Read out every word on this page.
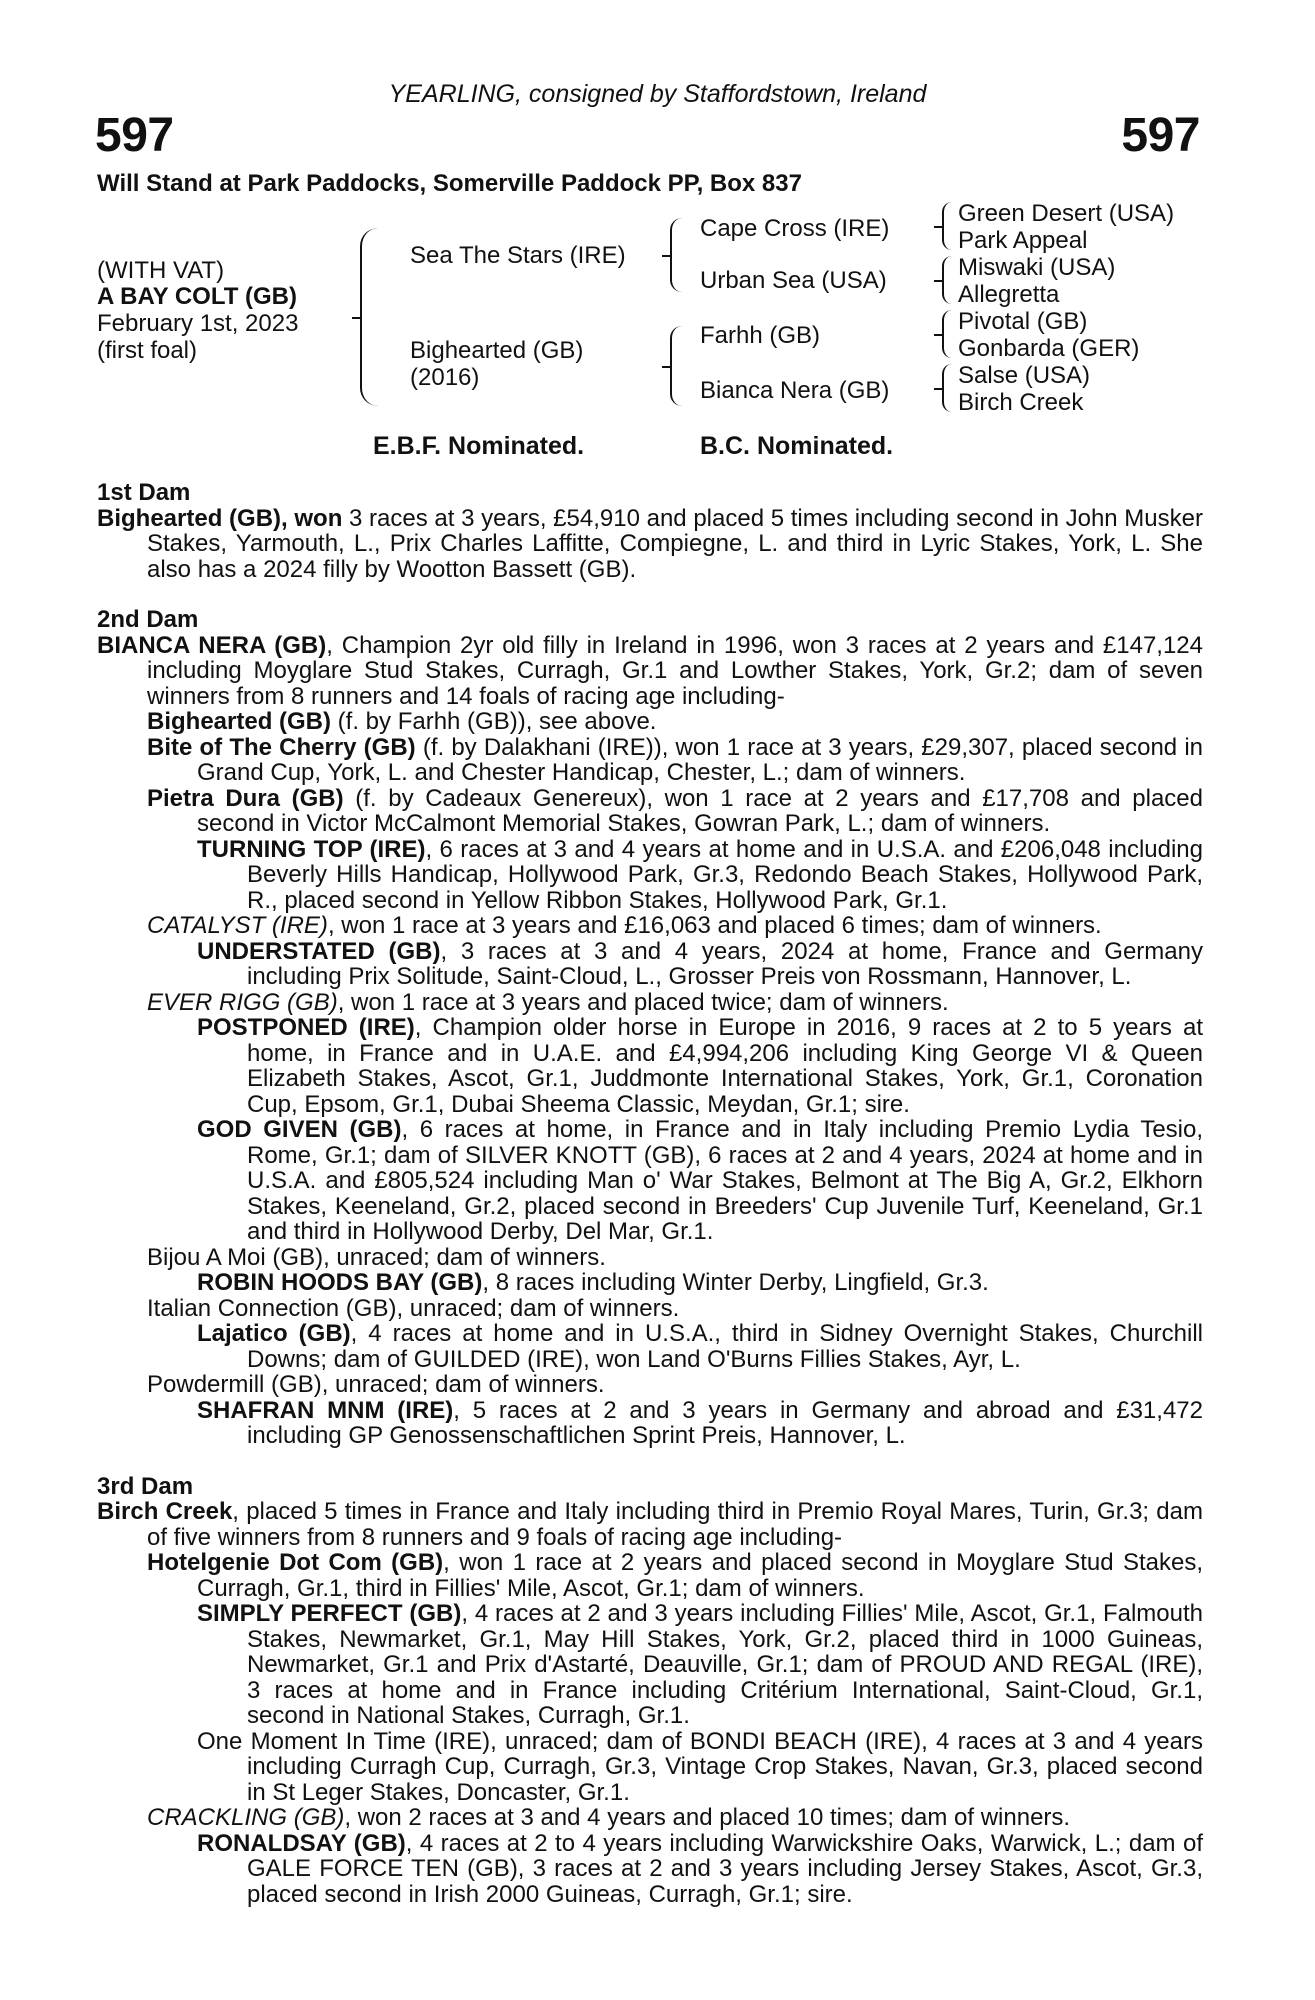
YEARLING, consigned by Staffordstown, Ireland
597	597
Will Stand at Park Paddocks, Somerville Paddock PP, Box 837
(WITH VAT)
A BAY COLT (GB)
February 1st, 2023
(first foal)
Sea The Stars (IRE)
Bighearted (GB)
(2016)
Cape Cross (IRE)
Urban Sea (USA)
Farhh (GB)
Bianca Nera (GB)
Green Desert (USA)
Park Appeal
Miswaki (USA)
Allegretta
Pivotal (GB)
Gonbarda (GER)
Salse (USA)
Birch Creek
E.B.F. Nominated.	B.C. Nominated.
1st Dam
Bighearted (GB), won 3 races at 3 years, £54,910 and placed 5 times including second in John Musker Stakes, Yarmouth, L., Prix Charles Laffitte, Compiegne, L. and third in Lyric Stakes, York, L. She also has a 2024 filly by Wootton Bassett (GB).
2nd Dam
BIANCA NERA (GB), Champion 2yr old filly in Ireland in 1996, won 3 races at 2 years and £147,124 including Moyglare Stud Stakes, Curragh, Gr.1 and Lowther Stakes, York, Gr.2; dam of seven winners from 8 runners and 14 foals of racing age including-
Bighearted (GB) (f. by Farhh (GB)), see above.
Bite of The Cherry (GB) (f. by Dalakhani (IRE)), won 1 race at 3 years, £29,307, placed second in Grand Cup, York, L. and Chester Handicap, Chester, L.; dam of winners.
Pietra Dura (GB) (f. by Cadeaux Genereux), won 1 race at 2 years and £17,708 and placed second in Victor McCalmont Memorial Stakes, Gowran Park, L.; dam of winners.
TURNING TOP (IRE), 6 races at 3 and 4 years at home and in U.S.A. and £206,048 including Beverly Hills Handicap, Hollywood Park, Gr.3, Redondo Beach Stakes, Hollywood Park, R., placed second in Yellow Ribbon Stakes, Hollywood Park, Gr.1.
CATALYST (IRE), won 1 race at 3 years and £16,063 and placed 6 times; dam of winners.
UNDERSTATED (GB), 3 races at 3 and 4 years, 2024 at home, France and Germany including Prix Solitude, Saint-Cloud, L., Grosser Preis von Rossmann, Hannover, L.
EVER RIGG (GB), won 1 race at 3 years and placed twice; dam of winners.
POSTPONED (IRE), Champion older horse in Europe in 2016, 9 races at 2 to 5 years at home, in France and in U.A.E. and £4,994,206 including King George VI & Queen Elizabeth Stakes, Ascot, Gr.1, Juddmonte International Stakes, York, Gr.1, Coronation Cup, Epsom, Gr.1, Dubai Sheema Classic, Meydan, Gr.1; sire.
GOD GIVEN (GB), 6 races at home, in France and in Italy including Premio Lydia Tesio, Rome, Gr.1; dam of SILVER KNOTT (GB), 6 races at 2 and 4 years, 2024 at home and in U.S.A. and £805,524 including Man o' War Stakes, Belmont at The Big A, Gr.2, Elkhorn Stakes, Keeneland, Gr.2, placed second in Breeders' Cup Juvenile Turf, Keeneland, Gr.1 and third in Hollywood Derby, Del Mar, Gr.1.
Bijou A Moi (GB), unraced; dam of winners.
ROBIN HOODS BAY (GB), 8 races including Winter Derby, Lingfield, Gr.3.
Italian Connection (GB), unraced; dam of winners.
Lajatico (GB), 4 races at home and in U.S.A., third in Sidney Overnight Stakes, Churchill Downs; dam of GUILDED (IRE), won Land O'Burns Fillies Stakes, Ayr, L.
Powdermill (GB), unraced; dam of winners.
SHAFRAN MNM (IRE), 5 races at 2 and 3 years in Germany and abroad and £31,472 including GP Genossenschaftlichen Sprint Preis, Hannover, L.
3rd Dam
Birch Creek, placed 5 times in France and Italy including third in Premio Royal Mares, Turin, Gr.3; dam of five winners from 8 runners and 9 foals of racing age including-
Hotelgenie Dot Com (GB), won 1 race at 2 years and placed second in Moyglare Stud Stakes, Curragh, Gr.1, third in Fillies' Mile, Ascot, Gr.1; dam of winners.
SIMPLY PERFECT (GB), 4 races at 2 and 3 years including Fillies' Mile, Ascot, Gr.1, Falmouth Stakes, Newmarket, Gr.1, May Hill Stakes, York, Gr.2, placed third in 1000 Guineas, Newmarket, Gr.1 and Prix d'Astarté, Deauville, Gr.1; dam of PROUD AND REGAL (IRE), 3 races at home and in France including Critérium International, Saint-Cloud, Gr.1, second in National Stakes, Curragh, Gr.1.
One Moment In Time (IRE), unraced; dam of BONDI BEACH (IRE), 4 races at 3 and 4 years including Curragh Cup, Curragh, Gr.3, Vintage Crop Stakes, Navan, Gr.3, placed second in St Leger Stakes, Doncaster, Gr.1.
CRACKLING (GB), won 2 races at 3 and 4 years and placed 10 times; dam of winners.
RONALDSAY (GB), 4 races at 2 to 4 years including Warwickshire Oaks, Warwick, L.; dam of GALE FORCE TEN (GB), 3 races at 2 and 3 years including Jersey Stakes, Ascot, Gr.3, placed second in Irish 2000 Guineas, Curragh, Gr.1; sire.
